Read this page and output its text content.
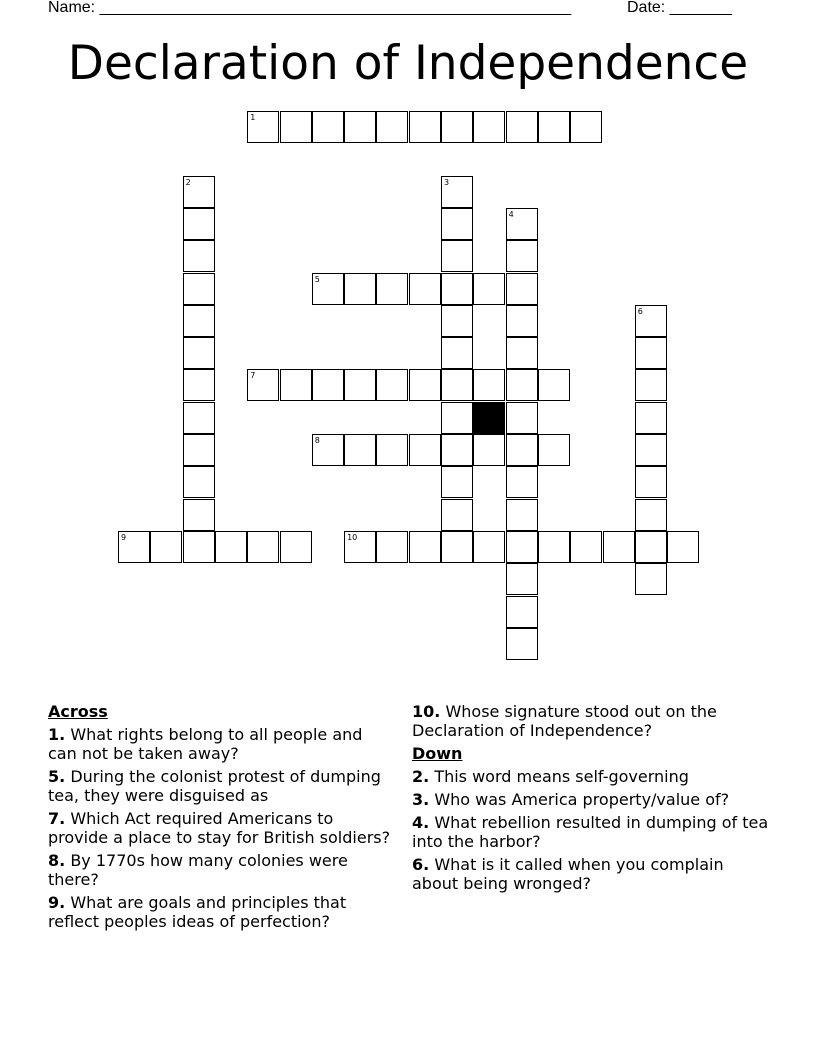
Name: _____________________________________________________	Date: _______
Declaration of Independence
1
2	3
4
5
6
7
8
9	10
Across
1. What rights belong to all people and can not be taken away?
5. During the colonist protest of dumping tea, they were disguised as
7. Which Act required Americans to provide a place to stay for British soldiers?
8. By 1770s how many colonies were there?
9. What are goals and principles that reflect peoples ideas of perfection?
10. Whose signature stood out on the Declaration of Independence?
Down
2. This word means self-governing
3. Who was America property/value of?
4. What rebellion resulted in dumping of tea into the harbor?
6. What is it called when you complain about being wronged?
